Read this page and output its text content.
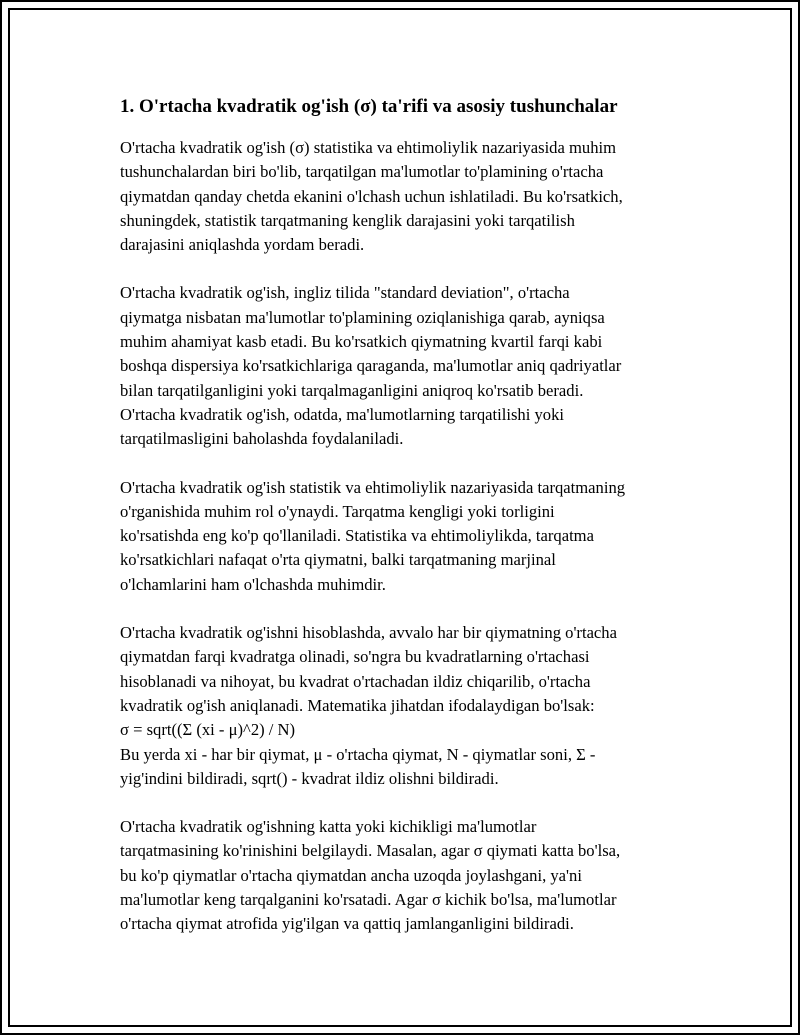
1. O'rtacha kvadratik og'ish (σ) ta'rifi va asosiy tushunchalar

O'rtacha kvadratik og'ish (σ) statistika va ehtimoliylik nazariyasida muhim
tushunchalardan biri bo'lib, tarqatilgan ma'lumotlar to'plamining o'rtacha
qiymatdan qanday chetda ekanini o'lchash uchun ishlatiladi. Bu ko'rsatkich,
shuningdek, statistik tarqatmaning kenglik darajasini yoki tarqatilish
darajasini aniqlashda yordam beradi.

O'rtacha kvadratik og'ish, ingliz tilida "standard deviation", o'rtacha
qiymatga nisbatan ma'lumotlar to'plamining oziqlanishiga qarab, ayniqsa
muhim ahamiyat kasb etadi. Bu ko'rsatkich qiymatning kvartil farqi kabi
boshqa dispersiya ko'rsatkichlariga qaraganda, ma'lumotlar aniq qadriyatlar
bilan tarqatilganligini yoki tarqalmaganligini aniqroq ko'rsatib beradi.
O'rtacha kvadratik og'ish, odatda, ma'lumotlarning tarqatilishi yoki
tarqatilmasligini baholashda foydalaniladi.

O'rtacha kvadratik og'ish statistik va ehtimoliylik nazariyasida tarqatmaning
o'rganishida muhim rol o'ynaydi. Tarqatma kengligi yoki torligini
ko'rsatishda eng ko'p qo'llaniladi. Statistika va ehtimoliylikda, tarqatma
ko'rsatkichlari nafaqat o'rta qiymatni, balki tarqatmaning marjinal
o'lchamlarini ham o'lchashda muhimdir.

O'rtacha kvadratik og'ishni hisoblashda, avvalo har bir qiymatning o'rtacha
qiymatdan farqi kvadratga olinadi, so'ngra bu kvadratlarning o'rtachasi
hisoblanadi va nihoyat, bu kvadrat o'rtachadan ildiz chiqarilib, o'rtacha
kvadratik og'ish aniqlanadi. Matematika jihatdan ifodalaydigan bo'lsak:
σ = sqrt((Σ (xi - μ)^2) / N)
Bu yerda xi - har bir qiymat, μ - o'rtacha qiymat, N - qiymatlar soni, Σ -
yig'indini bildiradi, sqrt() - kvadrat ildiz olishni bildiradi.

O'rtacha kvadratik og'ishning katta yoki kichikligi ma'lumotlar
tarqatmasining ko'rinishini belgilaydi. Masalan, agar σ qiymati katta bo'lsa,
bu ko'p qiymatlar o'rtacha qiymatdan ancha uzoqda joylashgani, ya'ni
ma'lumotlar keng tarqalganini ko'rsatadi. Agar σ kichik bo'lsa, ma'lumotlar
o'rtacha qiymat atrofida yig'ilgan va qattiq jamlanganligini bildiradi.
